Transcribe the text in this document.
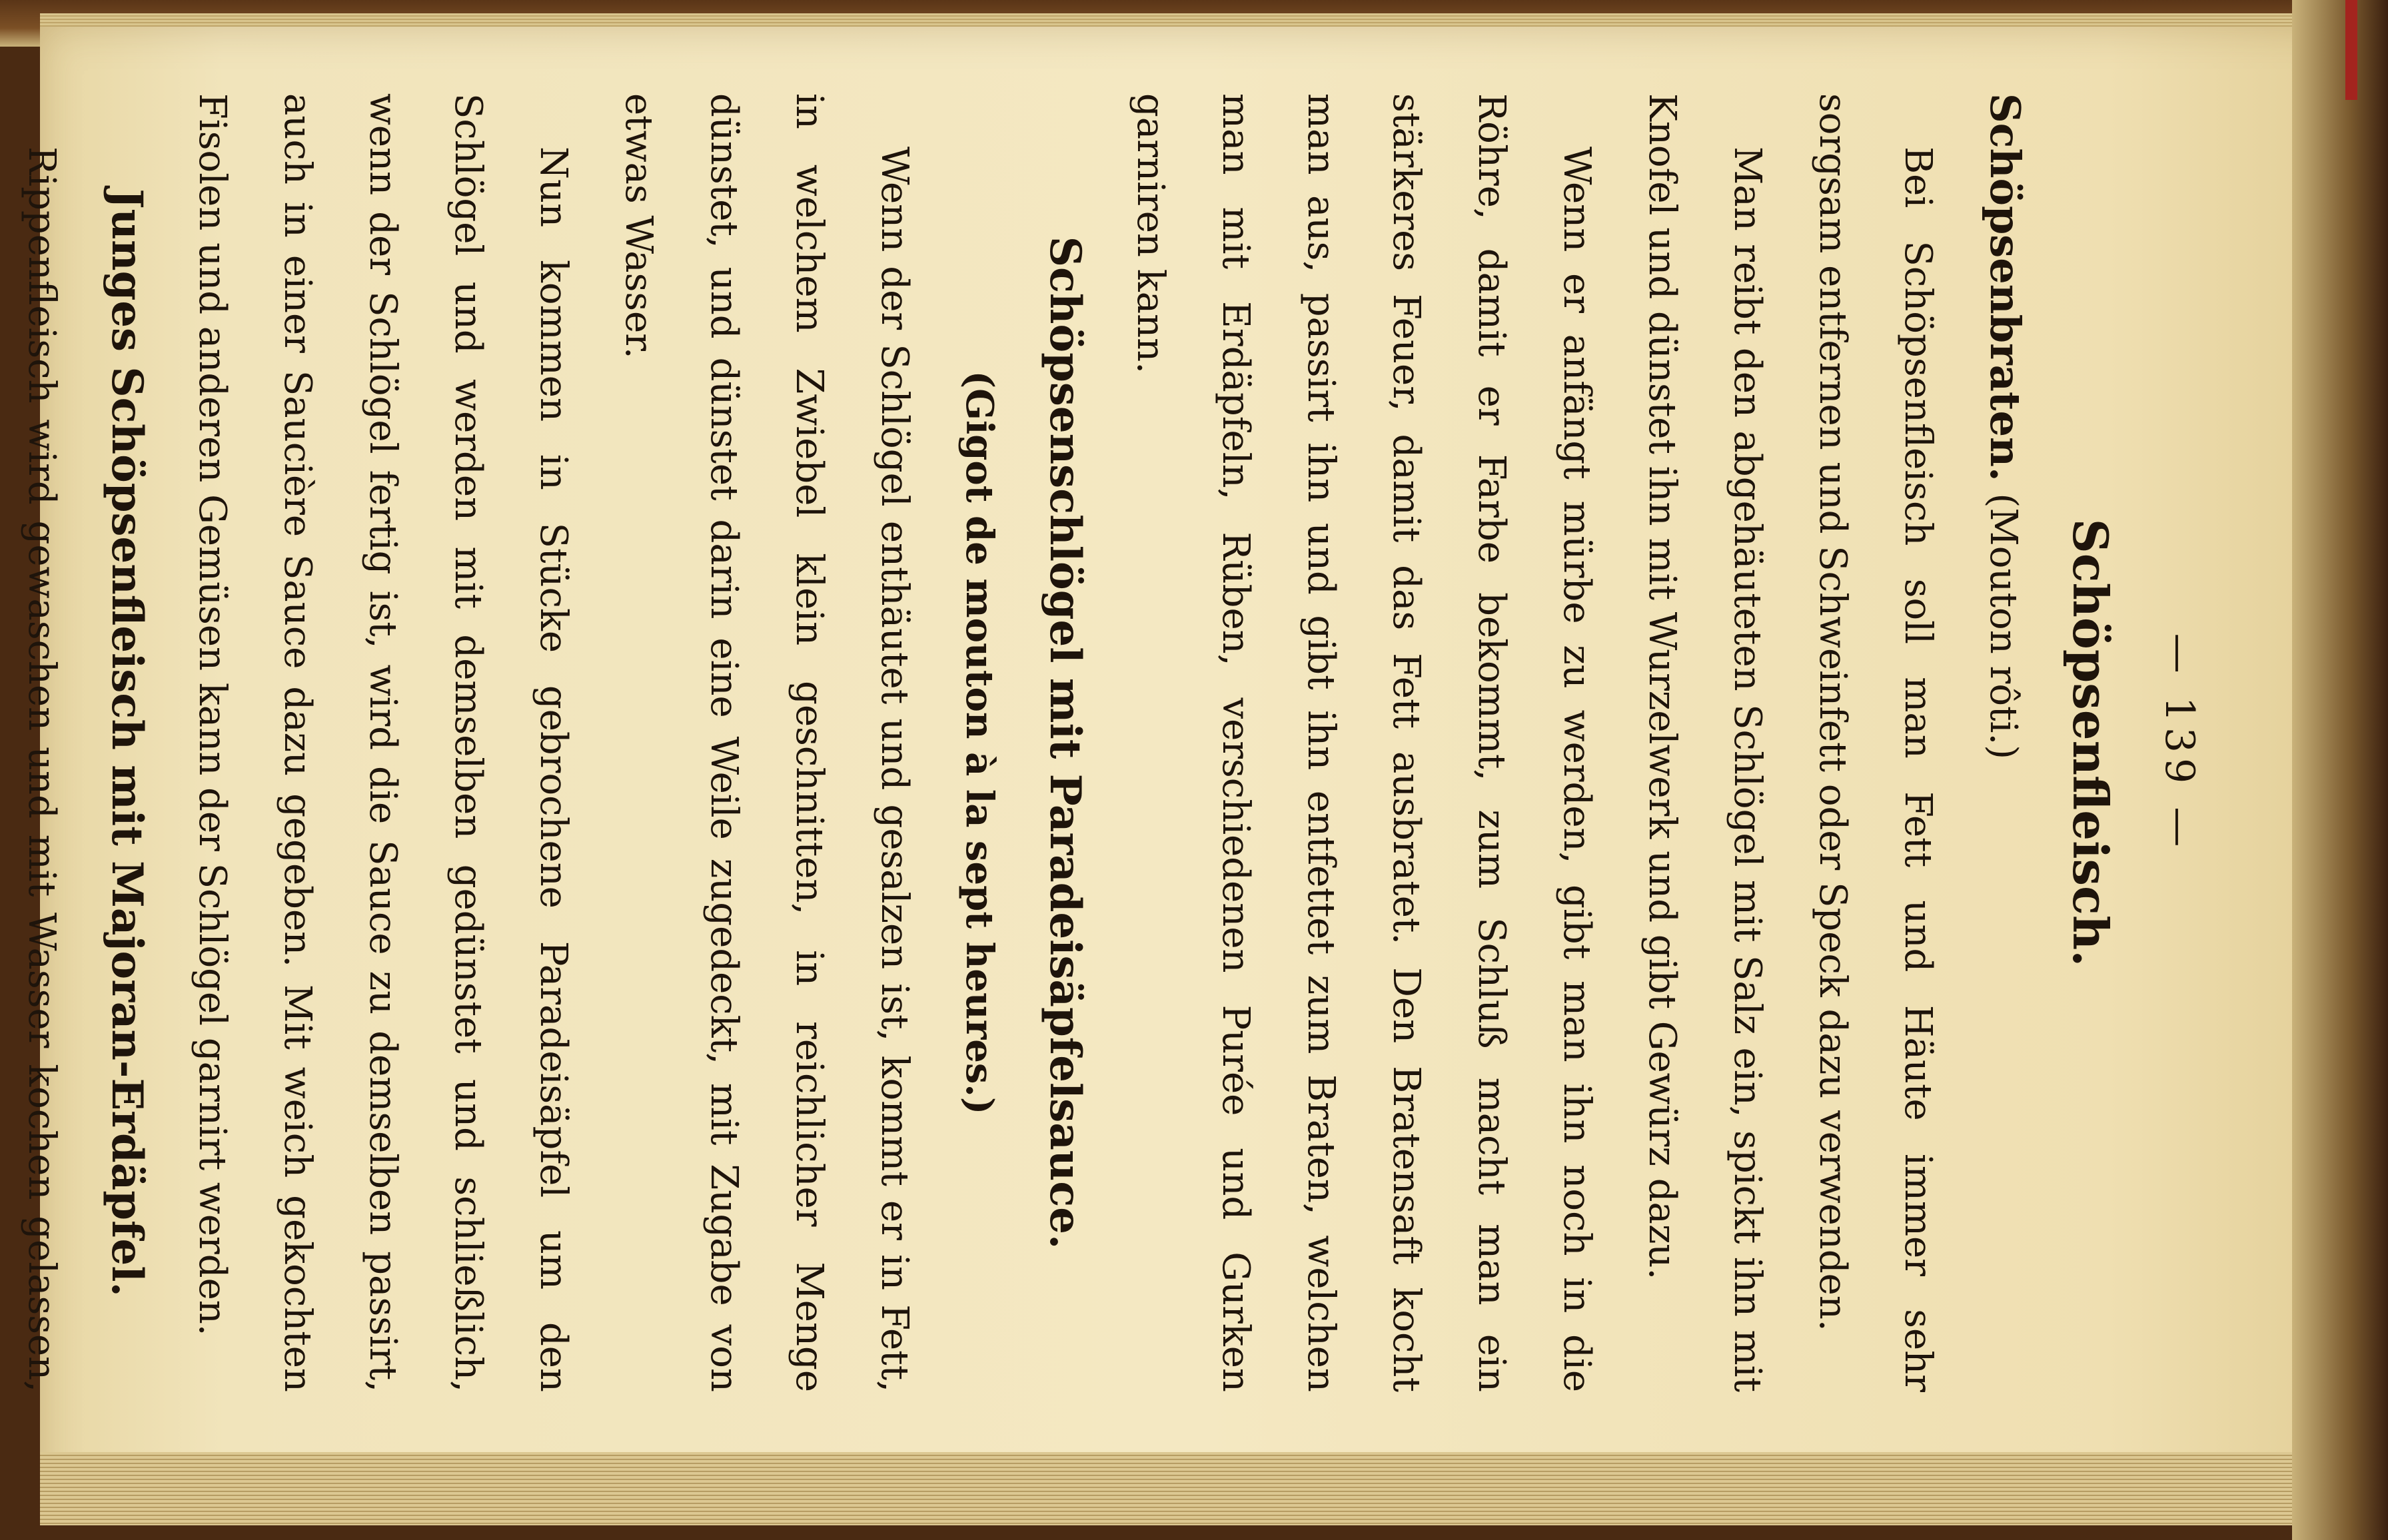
— 139 —
Schöpsenfleisch.

Schöpsenbraten. (Mouton rôti.)

Bei Schöpsenfleisch soll man Fett und Häute immer sehr sorgsam entfernen und Schweinfett oder Speck dazu verwenden.

Man reibt den abgehäuteten Schlögel mit Salz ein, spickt ihn mit Knofel und dünstet ihn mit Wurzelwerk und gibt Gewürz dazu.

Wenn er anfängt mürbe zu werden, gibt man ihn noch in die Röhre, damit er Farbe bekommt, zum Schluß macht man ein stärkeres Feuer, damit das Fett ausbratet. Den Bratensaft kocht man aus, passirt ihn und gibt ihn entfettet zum Braten, welchen man mit Erdäpfeln, Rüben, verschiedenen Purée und Gurken garniren kann.

Schöpsenschlögel mit Paradeisäpfelsauce.
(Gigot de mouton à la sept heures.)

Wenn der Schlögel enthäutet und gesalzen ist, kommt er in Fett, in welchem Zwiebel klein geschnitten, in reichlicher Menge dünstet, und dünstet darin eine Weile zugedeckt, mit Zugabe von etwas Wasser.

Nun kommen in Stücke gebrochene Paradeisäpfel um den Schlögel und werden mit demselben gedünstet und schließlich, wenn der Schlögel fertig ist, wird die Sauce zu demselben passirt, auch in einer Saucière Sauce dazu gegeben. Mit weich gekochten Fisolen und anderen Gemüsen kann der Schlögel garnirt werden.

Junges Schöpsenfleisch mit Majoran-Erdäpfel.

Rippenfleisch wird gewaschen und mit Wasser kochen gelassen,
